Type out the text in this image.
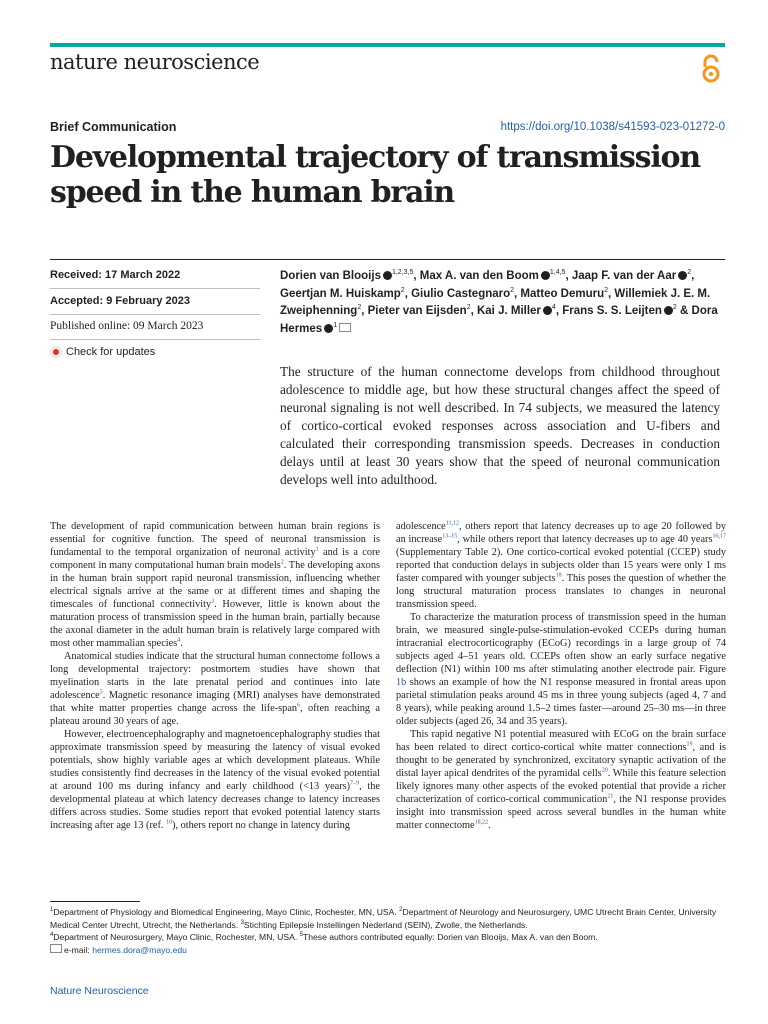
nature neuroscience
Brief Communication	https://doi.org/10.1038/s41593-023-01272-0
Developmental trajectory of transmission speed in the human brain
Received: 17 March 2022
Accepted: 9 February 2023
Published online: 09 March 2023
Check for updates
Dorien van Blooijs $^{1,2,3,5}$, Max A. van den Boom $^{1,4,5}$, Jaap F. van der Aar $^2$, Geertjan M. Huiskamp$^2$, Giulio Castegnaro$^2$, Matteo Demuru$^2$, Willemiek J. E. M. Zweiphenning$^2$, Pieter van Eijsden$^2$, Kai J. Miller $^4$, Frans S. S. Leijten $^2$ & Dora Hermes $^1$
The structure of the human connectome develops from childhood throughout adolescence to middle age, but how these structural changes affect the speed of neuronal signaling is not well described. In 74 subjects, we measured the latency of cortico-cortical evoked responses across association and U-fibers and calculated their corresponding transmission speeds. Decreases in conduction delays until at least 30 years show that the speed of neuronal communication develops well into adulthood.

The development of rapid communication between human brain regions is essential for cognitive function. The speed of neuronal transmission is fundamental to the temporal organization of neuronal activity$^1$ and is a core component in many computational human brain models$^2$. The developing axons in the human brain support rapid neuronal transmission, influencing whether electrical signals arrive at the same or at different times and shaping the timescales of functional connectivity$^3$. However, little is known about the maturation process of transmission speed in the human brain, partially because the axonal diameter in the adult human brain is relatively large compared with most other mammalian species$^4$.

Anatomical studies indicate that the structural human connectome follows a long developmental trajectory: postmortem studies have shown that myelination starts in the late prenatal period and continues into late adolescence$^5$. Magnetic resonance imaging (MRI) analyses have demonstrated that white matter properties change across the life-span$^6$, often reaching a plateau around 30 years of age.

However, electroencephalography and magnetoencephalography studies that approximate transmission speed by measuring the latency of visual evoked potentials, show highly variable ages at which development plateaus. While studies consistently find decreases in the latency of the visual evoked potential at around 100 ms during infancy and early childhood (<13 years)$^{7-9}$, the developmental plateau at which latency decreases change to latency increases differs across studies. Some studies report that evoked potential latency starts increasing after age 13 (ref. $^{10}$), others report no change in latency during

adolescence$^{11,12}$, others report that latency decreases up to age 20 followed by an increase$^{13-15}$, while others report that latency decreases up to age 40 years$^{16,17}$ (Supplementary Table 2). One cortico-cortical evoked potential (CCEP) study reported that conduction delays in subjects older than 15 years were only 1 ms faster compared with younger subjects$^{18}$. This poses the question of whether the long structural maturation process translates to changes in neuronal transmission speed.

To characterize the maturation process of transmission speed in the human brain, we measured single-pulse-stimulation-evoked CCEPs during human intracranial electrocorticography (ECoG) recordings in a large group of 74 subjects aged 4–51 years old. CCEPs often show an early surface negative deflection (N1) within 100 ms after stimulating another electrode pair. Figure 1b shows an example of how the N1 response measured in frontal areas upon parietal stimulation peaks around 45 ms in three young subjects (aged 4, 7 and 8 years), while peaking around 1.5–2 times faster—around 25–30 ms—in three older subjects (aged 26, 34 and 35 years).

This rapid negative N1 potential measured with ECoG on the brain surface has been related to direct cortico-cortical white matter connections$^{19}$, and is thought to be generated by synchronized, excitatory synaptic activation of the distal layer apical dendrites of the pyramidal cells$^{20}$. While this feature selection likely ignores many other aspects of the evoked potential that provide a richer characterization of cortico-cortical communication$^{21}$, the N1 response provides insight into transmission speed across several bundles in the human white matter connectome$^{18,22}$.

$^1$Department of Physiology and Biomedical Engineering, Mayo Clinic, Rochester, MN, USA. $^2$Department of Neurology and Neurosurgery, UMC Utrecht Brain Center, University Medical Center Utrecht, Utrecht, the Netherlands. $^3$Stichting Epilepsie Instellingen Nederland (SEIN), Zwolle, the Netherlands.
$^4$Department of Neurosurgery, Mayo Clinic, Rochester, MN, USA. $^5$These authors contributed equally: Dorien van Blooijs, Max A. van den Boom.

e-mail: hermes.dora@mayo.edu

Nature Neuroscience
